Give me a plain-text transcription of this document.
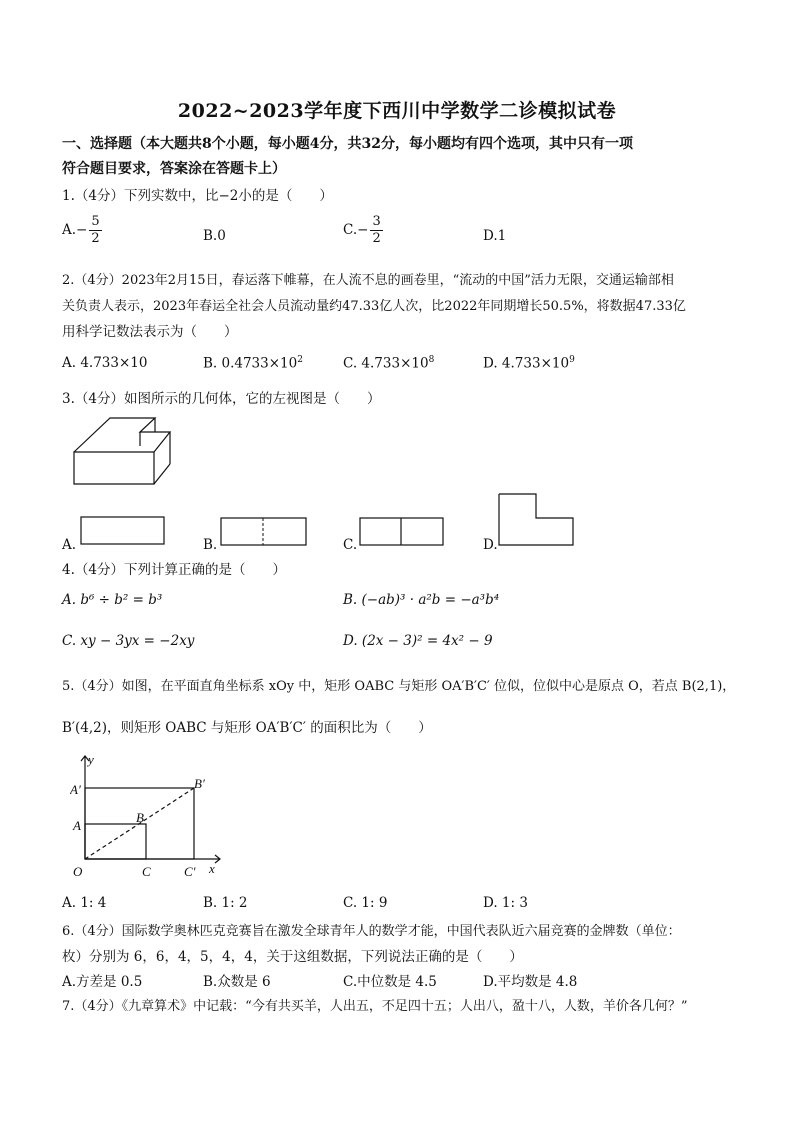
2022~2023学年度下西川中学数学二诊模拟试卷
一、选择题（本大题共8个小题，每小题4分，共32分，每小题均有四个选项，其中只有一项
符合题目要求，答案涂在答题卡上）
1.（4分）下列实数中，比−2小的是（　　）
$A.- \frac{5}{2}$	B.0	$C.- \frac{3}{2}$	D.1
2.（4分）2023年2月15日，春运落下帷幕，在人流不息的画卷里，“流动的中国”活力无限，交通运输部相
关负责人表示，2023年春运全社会人员流动量约47.33亿人次，比2022年同期增长50.5%，将数据47.33亿
用科学记数法表示为（　　）
A. 4.733×10	B. $0.4733\times 10^2$	C. $4.733\times 10^8$	D. $4.733\times 10^9$
3.（4分）如图所示的几何体，它的左视图是（　　）
A.	B.	C.	D.
4.（4分）下列计算正确的是（　　）
A. b⁶ ÷ b² = b³	B. (−ab)³ · a²b = −a³b⁴
C. xy − 3yx = −2xy	D. (2x − 3)² = 4x² − 9
5.（4分）如图，在平面直角坐标系 xOy 中，矩形 OABC 与矩形 OA′B′C′ 位似，位似中心是原点 O，若点 B(2,1)，
B′(4,2)，则矩形 OABC 与矩形 OA′B′C′ 的面积比为（　　）
y
A′	B′
B
A
O	C	C′ x
A. 1: 4	B. 1: 2	C. 1: 9	D. 1: 3
6.（4分）国际数学奥林匹克竞赛旨在激发全球青年人的数学才能，中国代表队近六届竞赛的金牌数（单位：
枚）分别为 6，6，4，5，4，4，关于这组数据，下列说法正确的是（　　）
A.方差是 0.5	B.众数是 6	C.中位数是 4.5	D.平均数是 4.8
7.（4分）《九章算术》中记载：“今有共买羊，人出五，不足四十五；人出八，盈十八，人数，羊价各几何？”
